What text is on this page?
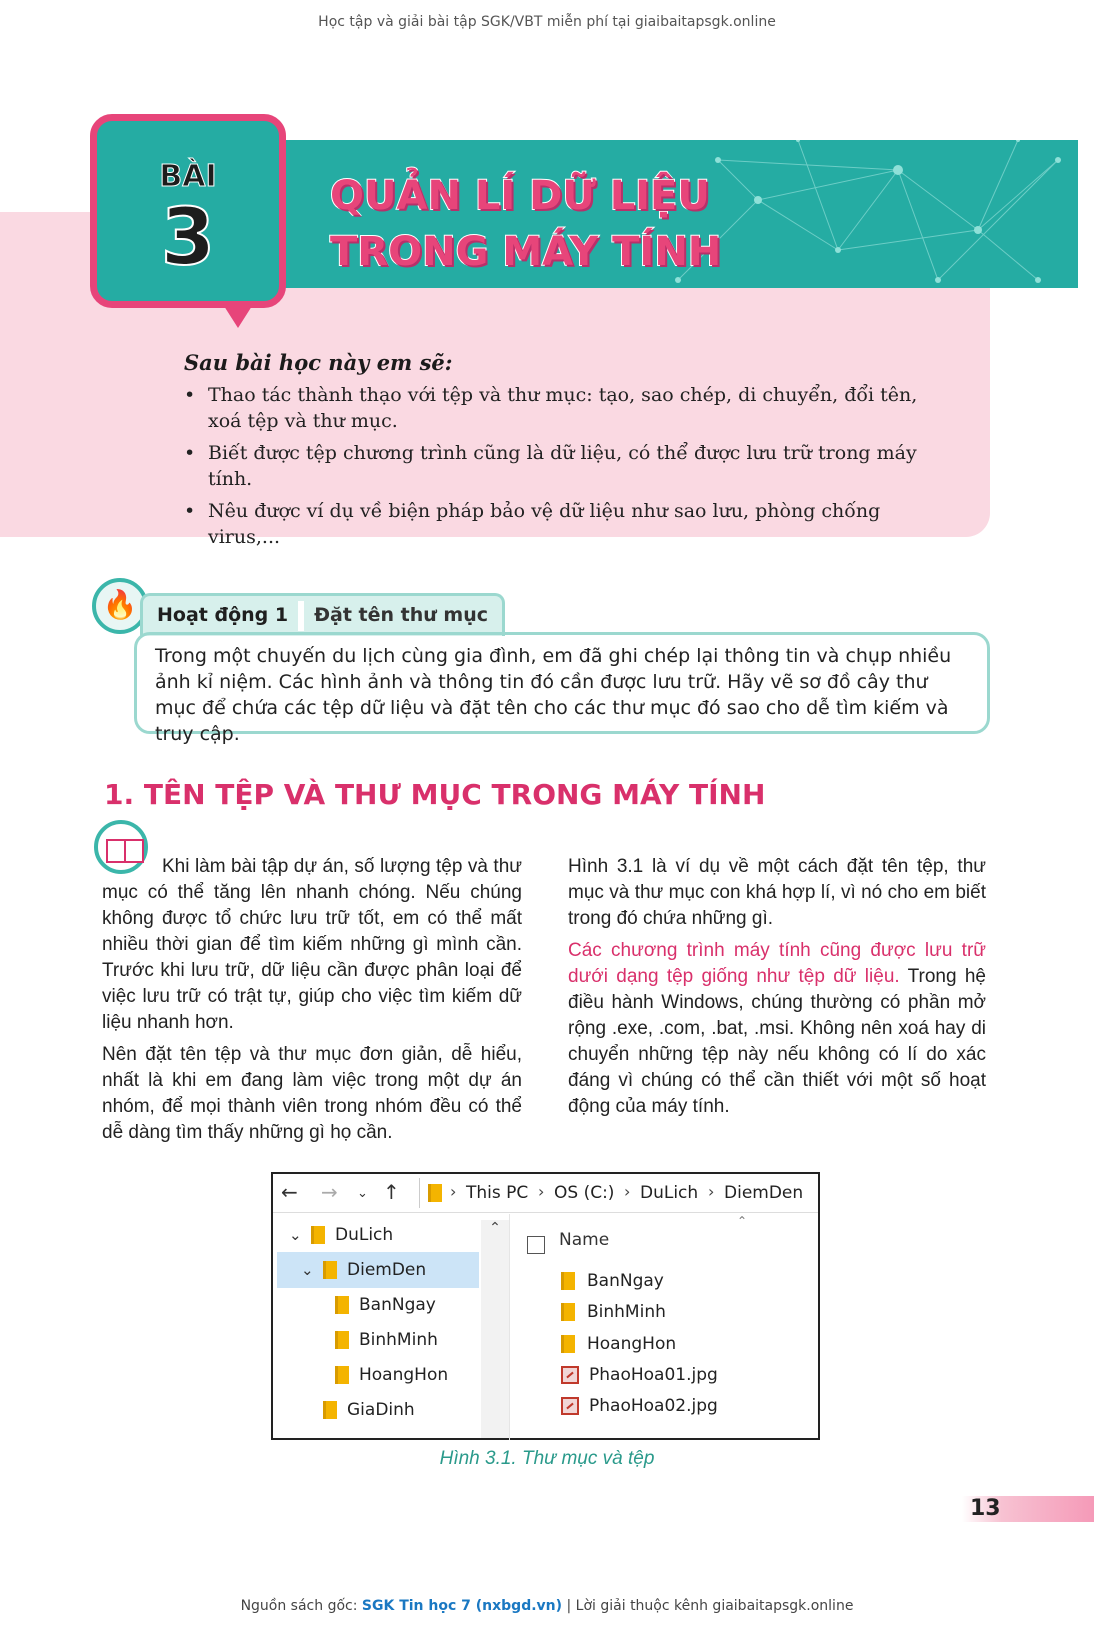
Học tập và giải bài tập SGK/VBT miễn phí tại giaibaitapsgk.online
BÀI
3	QUẢN LÍ DỮ LIỆU
TRONG MÁY TÍNH
Sau bài học này em sẽ:
• Thao tác thành thạo với tệp và thư mục: tạo, sao chép, di chuyển, đổi tên, xoá tệp và thư mục.
• Biết được tệp chương trình cũng là dữ liệu, có thể được lưu trữ trong máy tính.
• Nêu được ví dụ về biện pháp bảo vệ dữ liệu như sao lưu, phòng chống virus,...
🔥	Hoạt động 1 Đặt tên thư mục
Trong một chuyến du lịch cùng gia đình, em đã ghi chép lại thông tin và chụp nhiều ảnh kỉ niệm. Các hình ảnh và thông tin đó cần được lưu trữ. Hãy vẽ sơ đồ cây thư mục để chứa các tệp dữ liệu và đặt tên cho các thư mục đó sao cho dễ tìm kiếm và truy cập.
1. TÊN TỆP VÀ THƯ MỤC TRONG MÁY TÍNH

Khi làm bài tập dự án, số lượng tệp và thư mục có thể tăng lên nhanh chóng. Nếu chúng không được tổ chức lưu trữ tốt, em có thể mất nhiều thời gian để tìm kiếm những gì mình cần. Trước khi lưu trữ, dữ liệu cần được phân loại để việc lưu trữ có trật tự, giúp cho việc tìm kiếm dữ liệu nhanh hơn.

Nên đặt tên tệp và thư mục đơn giản, dễ hiểu, nhất là khi em đang làm việc trong một dự án nhóm, để mọi thành viên trong nhóm đều có thể dễ dàng tìm thấy những gì họ cần.

Hình 3.1 là ví dụ về một cách đặt tên tệp, thư mục và thư mục con khá hợp lí, vì nó cho em biết trong đó chứa những gì.

Các chương trình máy tính cũng được lưu trữ dưới dạng tệp giống như tệp dữ liệu. Trong hệ điều hành Windows, chúng thường có phần mở rộng .exe, .com, .bat, .msi. Không nên xoá hay di chuyển những tệp này nếu không có lí do xác đáng vì chúng có thể cần thiết với một số hoạt động của máy tính.

← → ⌄ ↑	› This PC › OS (C:) › DuLich › DiemDen
⌄ DuLich
⌄ DiemDen
BanNgay
BinhMinh
HoangHon
GiaDinh
⌃	⌃
Name
BanNgay
BinhMinh
HoangHon
PhaoHoa01.jpg
PhaoHoa02.jpg
Hình 3.1. Thư mục và tệp
13
Nguồn sách gốc: SGK Tin học 7 (nxbgd.vn) | Lời giải thuộc kênh giaibaitapsgk.online
